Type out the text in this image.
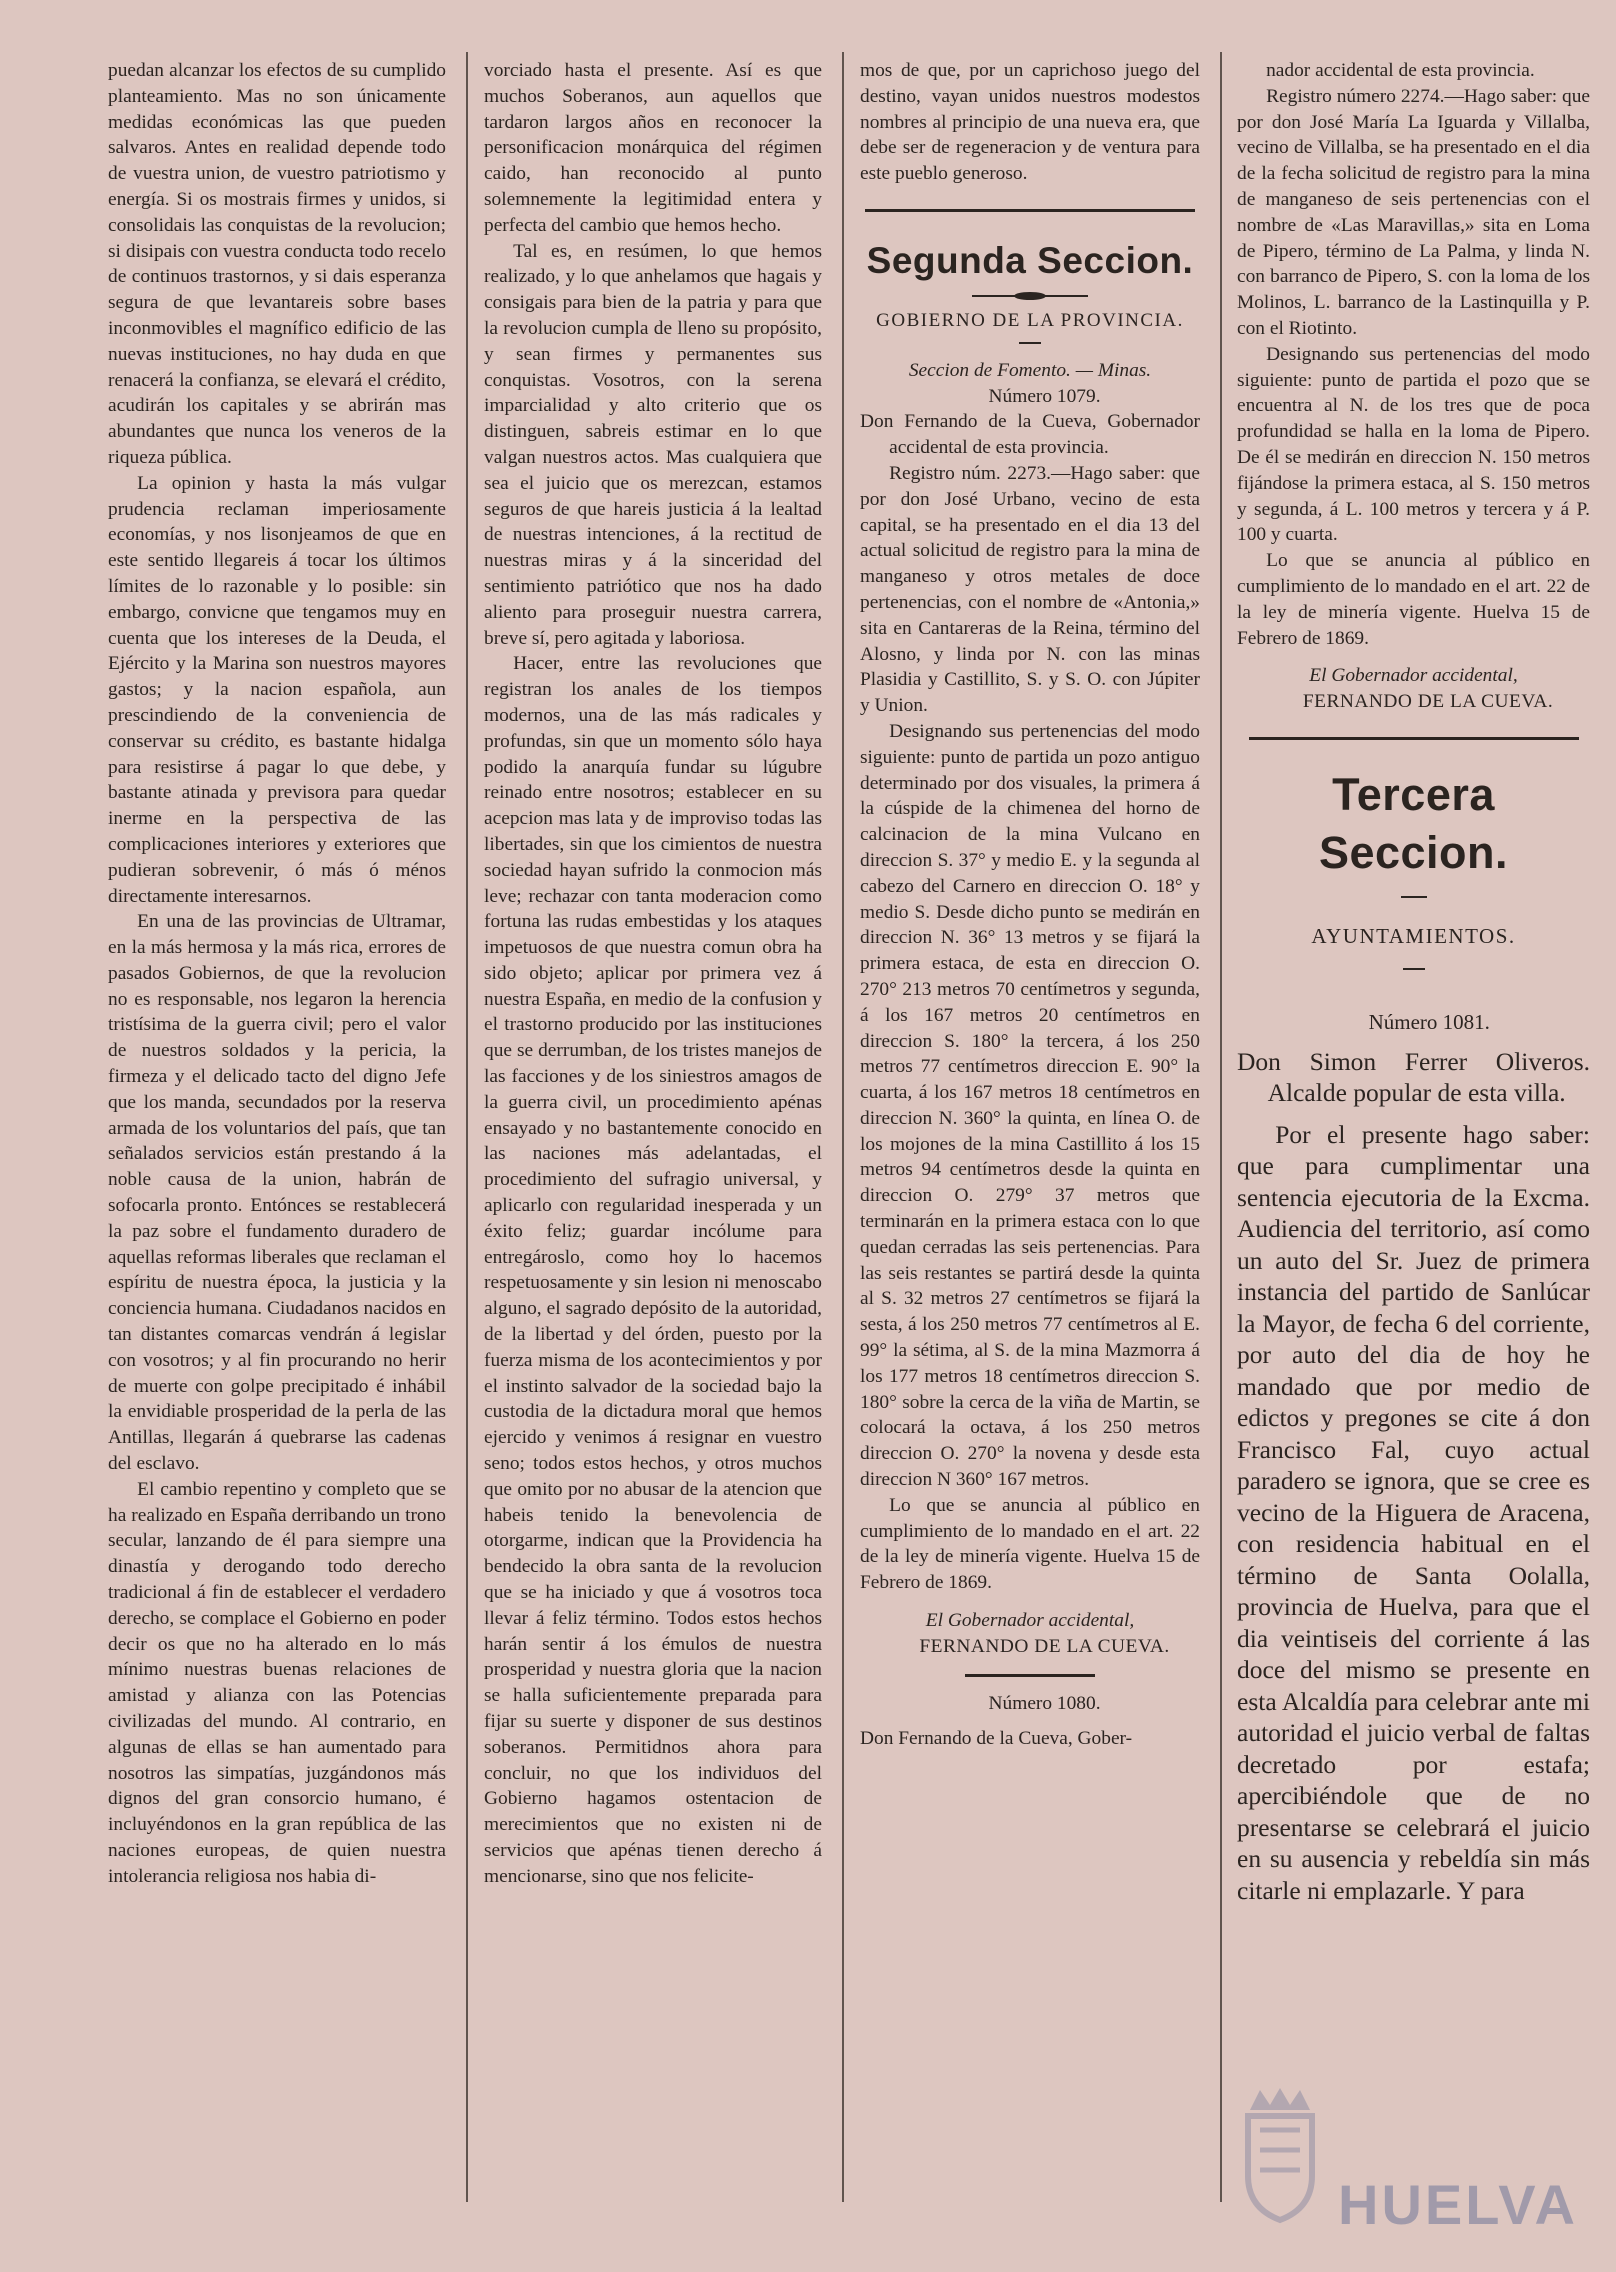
puedan alcanzar los efectos de su cumplido planteamiento. Mas no son únicamente medidas económicas las que pueden salvaros. Antes en realidad depende todo de vuestra union, de vuestro patriotismo y energía. Si os mostrais firmes y unidos, si consolidais las conquistas de la revolucion; si disipais con vuestra conducta todo recelo de continuos trastornos, y si dais esperanza segura de que levantareis sobre bases inconmovibles el magnífico edificio de las nuevas instituciones, no hay duda en que renacerá la confianza, se elevará el crédito, acudirán los capitales y se abrirán mas abundantes que nunca los veneros de la riqueza pública.

La opinion y hasta la más vulgar prudencia reclaman imperiosamente economías, y nos lisonjeamos de que en este sentido llegareis á tocar los últimos límites de lo razonable y lo posible: sin embargo, convicne que tengamos muy en cuenta que los intereses de la Deuda, el Ejército y la Marina son nuestros mayores gastos; y la nacion española, aun prescindiendo de la conveniencia de conservar su crédito, es bastante hidalga para resistirse á pagar lo que debe, y bastante atinada y previsora para quedar inerme en la perspectiva de las complicaciones interiores y exteriores que pudieran sobrevenir, ó más ó ménos directamente interesarnos.

En una de las provincias de Ultramar, en la más hermosa y la más rica, errores de pasados Gobiernos, de que la revolucion no es responsable, nos legaron la herencia tristísima de la guerra civil; pero el valor de nuestros soldados y la pericia, la firmeza y el delicado tacto del digno Jefe que los manda, secundados por la reserva armada de los voluntarios del país, que tan señalados servicios están prestando á la noble causa de la union, habrán de sofocarla pronto. Entónces se restablecerá la paz sobre el fundamento duradero de aquellas reformas liberales que reclaman el espíritu de nuestra época, la justicia y la conciencia humana. Ciudadanos nacidos en tan distantes comarcas vendrán á legislar con vosotros; y al fin procurando no herir de muerte con golpe precipitado é inhábil la envidiable prosperidad de la perla de las Antillas, llegarán á quebrarse las cadenas del esclavo.

El cambio repentino y completo que se ha realizado en España derribando un trono secular, lanzando de él para siempre una dinastía y derogando todo derecho tradicional á fin de establecer el verdadero derecho, se complace el Gobierno en poder decir os que no ha alterado en lo más mínimo nuestras buenas relaciones de amistad y alianza con las Potencias civilizadas del mundo. Al contrario, en algunas de ellas se han aumentado para nosotros las simpatías, juzgándonos más dignos del gran consorcio humano, é incluyéndonos en la gran república de las naciones europeas, de quien nuestra intolerancia religiosa nos habia di-

vorciado hasta el presente. Así es que muchos Soberanos, aun aquellos que tardaron largos años en reconocer la personificacion monárquica del régimen caido, han reconocido al punto solemnemente la legitimidad entera y perfecta del cambio que hemos hecho.

Tal es, en resúmen, lo que hemos realizado, y lo que anhelamos que hagais y consigais para bien de la patria y para que la revolucion cumpla de lleno su propósito, y sean firmes y permanentes sus conquistas. Vosotros, con la serena imparcialidad y alto criterio que os distinguen, sabreis estimar en lo que valgan nuestros actos. Mas cualquiera que sea el juicio que os merezcan, estamos seguros de que hareis justicia á la lealtad de nuestras intenciones, á la rectitud de nuestras miras y á la sinceridad del sentimiento patriótico que nos ha dado aliento para proseguir nuestra carrera, breve sí, pero agitada y laboriosa.

Hacer, entre las revoluciones que registran los anales de los tiempos modernos, una de las más radicales y profundas, sin que un momento sólo haya podido la anarquía fundar su lúgubre reinado entre nosotros; establecer en su acepcion mas lata y de improviso todas las libertades, sin que los cimientos de nuestra sociedad hayan sufrido la conmocion más leve; rechazar con tanta moderacion como fortuna las rudas embestidas y los ataques impetuosos de que nuestra comun obra ha sido objeto; aplicar por primera vez á nuestra España, en medio de la confusion y el trastorno producido por las instituciones que se derrumban, de los tristes manejos de las facciones y de los siniestros amagos de la guerra civil, un procedimiento apénas ensayado y no bastantemente conocido en las naciones más adelantadas, el procedimiento del sufragio universal, y aplicarlo con regularidad inesperada y un éxito feliz; guardar incólume para entregároslo, como hoy lo hacemos respetuosamente y sin lesion ni menoscabo alguno, el sagrado depósito de la autoridad, de la libertad y del órden, puesto por la fuerza misma de los acontecimientos y por el instinto salvador de la sociedad bajo la custodia de la dictadura moral que hemos ejercido y venimos á resignar en vuestro seno; todos estos hechos, y otros muchos que omito por no abusar de la atencion que habeis tenido la benevolencia de otorgarme, indican que la Providencia ha bendecido la obra santa de la revolucion que se ha iniciado y que á vosotros toca llevar á feliz término. Todos estos hechos harán sentir á los émulos de nuestra prosperidad y nuestra gloria que la nacion se halla suficientemente preparada para fijar su suerte y disponer de sus destinos soberanos. Permitidnos ahora para concluir, no que los individuos del Gobierno hagamos ostentacion de merecimientos que no existen ni de servicios que apénas tienen derecho á mencionarse, sino que nos felicite-

mos de que, por un caprichoso juego del destino, vayan unidos nuestros modestos nombres al principio de una nueva era, que debe ser de regeneracion y de ventura para este pueblo generoso.

Segunda Seccion.
GOBIERNO DE LA PROVINCIA.

Seccion de Fomento. — Minas.

Número 1079.

Don Fernando de la Cueva, Gobernador accidental de esta provincia.

Registro núm. 2273.—Hago saber: que por don José Urbano, vecino de esta capital, se ha presentado en el dia 13 del actual solicitud de registro para la mina de manganeso y otros metales de doce pertenencias, con el nombre de «Antonia,» sita en Cantareras de la Reina, término del Alosno, y linda por N. con las minas Plasidia y Castillito, S. y S. O. con Júpiter y Union.

Designando sus pertenencias del modo siguiente: punto de partida un pozo antiguo determinado por dos visuales, la primera á la cúspide de la chimenea del horno de calcinacion de la mina Vulcano en direccion S. 37° y medio E. y la segunda al cabezo del Carnero en direccion O. 18° y medio S. Desde dicho punto se medirán en direccion N. 36° 13 metros y se fijará la primera estaca, de esta en direccion O. 270° 213 metros 70 centímetros y segunda, á los 167 metros 20 centímetros en direccion S. 180° la tercera, á los 250 metros 77 centímetros direccion E. 90° la cuarta, á los 167 metros 18 centímetros en direccion N. 360° la quinta, en línea O. de los mojones de la mina Castillito á los 15 metros 94 centímetros desde la quinta en direccion O. 279° 37 metros que terminarán en la primera estaca con lo que quedan cerradas las seis pertenencias. Para las seis restantes se partirá desde la quinta al S. 32 metros 27 centímetros se fijará la sesta, á los 250 metros 77 centímetros al E. 99° la sétima, al S. de la mina Mazmorra á los 177 metros 18 centímetros direccion S. 180° sobre la cerca de la viña de Martin, se colocará la octava, á los 250 metros direccion O. 270° la novena y desde esta direccion N 360° 167 metros.

Lo que se anuncia al público en cumplimiento de lo mandado en el art. 22 de la ley de minería vigente. Huelva 15 de Febrero de 1869.

El Gobernador accidental,

FERNANDO DE LA CUEVA.

Número 1080.

Don Fernando de la Cueva, Gober-

nador accidental de esta provincia.

Registro número 2274.—Hago saber: que por don José María La Iguarda y Villalba, vecino de Villalba, se ha presentado en el dia de la fecha solicitud de registro para la mina de manganeso de seis pertenencias con el nombre de «Las Maravillas,» sita en Loma de Pipero, término de La Palma, y linda N. con barranco de Pipero, S. con la loma de los Molinos, L. barranco de la Lastinquilla y P. con el Riotinto.

Designando sus pertenencias del modo siguiente: punto de partida el pozo que se encuentra al N. de los tres que de poca profundidad se halla en la loma de Pipero. De él se medirán en direccion N. 150 metros fijándose la primera estaca, al S. 150 metros y segunda, á L. 100 metros y tercera y á P. 100 y cuarta.

Lo que se anuncia al público en cumplimiento de lo mandado en el art. 22 de la ley de minería vigente. Huelva 15 de Febrero de 1869.

El Gobernador accidental,

FERNANDO DE LA CUEVA.

Tercera Seccion.
AYUNTAMIENTOS.

Número 1081.

Don Simon Ferrer Oliveros. Alcalde popular de esta villa.

Por el presente hago saber: que para cumplimentar una sentencia ejecutoria de la Excma. Audiencia del territorio, así como un auto del Sr. Juez de primera instancia del partido de Sanlúcar la Mayor, de fecha 6 del corriente, por auto del dia de hoy he mandado que por medio de edictos y pregones se cite á don Francisco Fal, cuyo actual paradero se ignora, que se cree es vecino de la Higuera de Aracena, con residencia habitual en el término de Santa Oolalla, provincia de Huelva, para que el dia veintiseis del corriente á las doce del mismo se presente en esta Alcaldía para celebrar ante mi autoridad el juicio verbal de faltas decretado por estafa; apercibiéndole que de no presentarse se celebrará el juicio en su ausencia y rebeldía sin más citarle ni emplazarle. Y para

HUELVA
